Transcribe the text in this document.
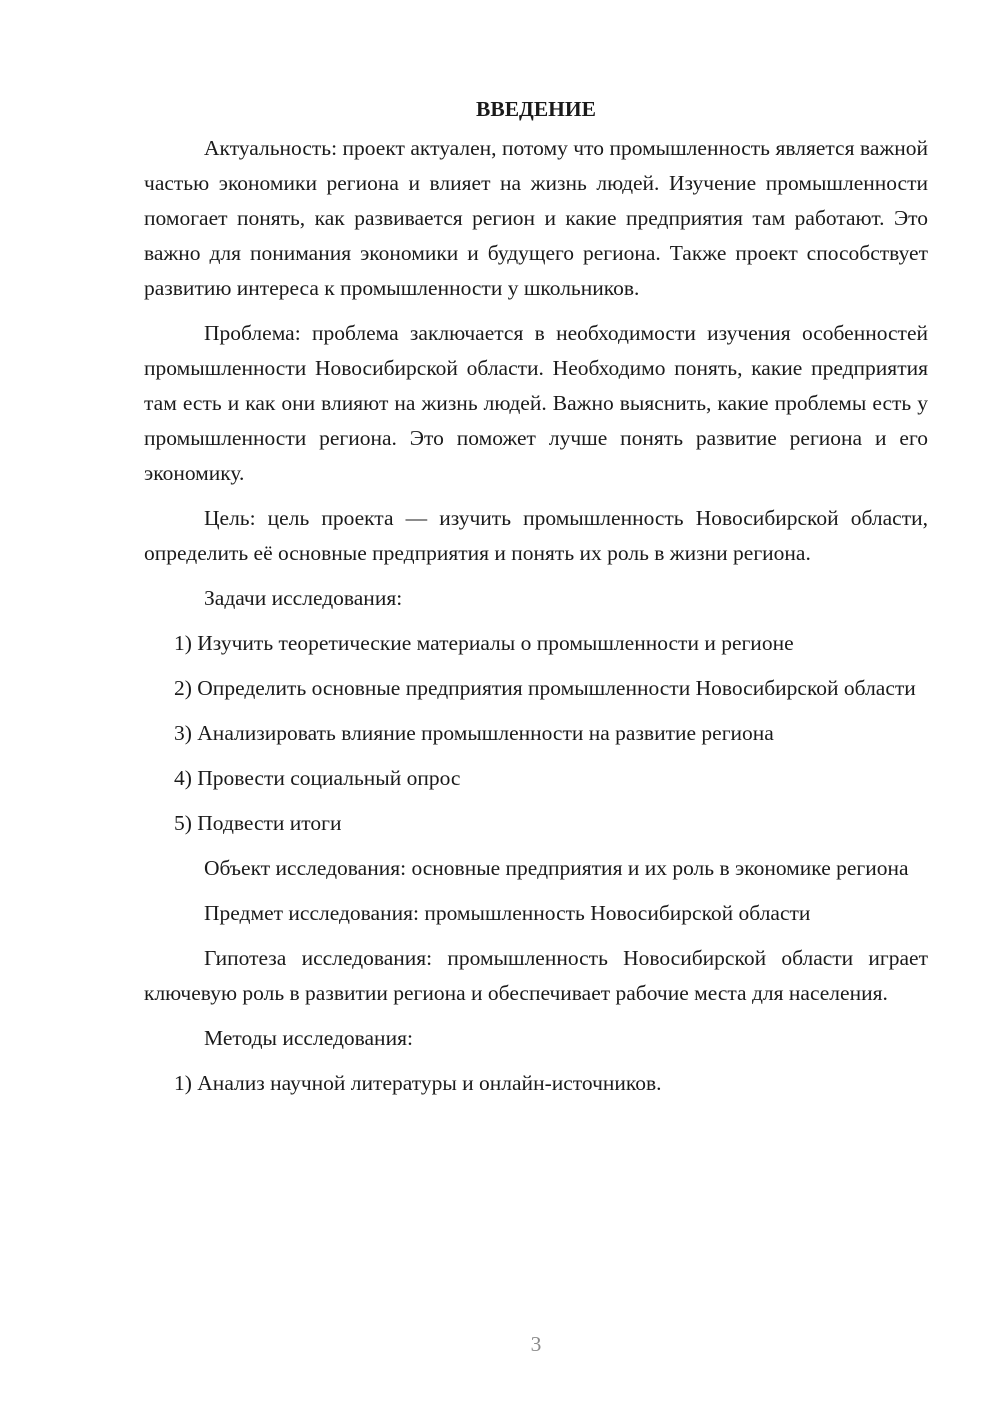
ВВЕДЕНИЕ

Актуальность: проект актуален, потому что промышленность является важной частью экономики региона и влияет на жизнь людей. Изучение промышленности помогает понять, как развивается регион и какие предприятия там работают. Это важно для понимания экономики и будущего региона. Также проект способствует развитию интереса к промышленности у школьников.

Проблема: проблема заключается в необходимости изучения особенностей промышленности Новосибирской области. Необходимо понять, какие предприятия там есть и как они влияют на жизнь людей. Важно выяснить, какие проблемы есть у промышленности региона. Это поможет лучше понять развитие региона и его экономику.

Цель: цель проекта — изучить промышленность Новосибирской области, определить её основные предприятия и понять их роль в жизни региона.

Задачи исследования:

1) Изучить теоретические материалы о промышленности и регионе

2) Определить основные предприятия промышленности Новосибирской области

3) Анализировать влияние промышленности на развитие региона

4) Провести социальный опрос

5) Подвести итоги

Объект исследования: основные предприятия и их роль в экономике региона

Предмет исследования: промышленность Новосибирской области

Гипотеза исследования: промышленность Новосибирской области играет ключевую роль в развитии региона и обеспечивает рабочие места для населения.

Методы исследования:

1) Анализ научной литературы и онлайн-источников.

3
